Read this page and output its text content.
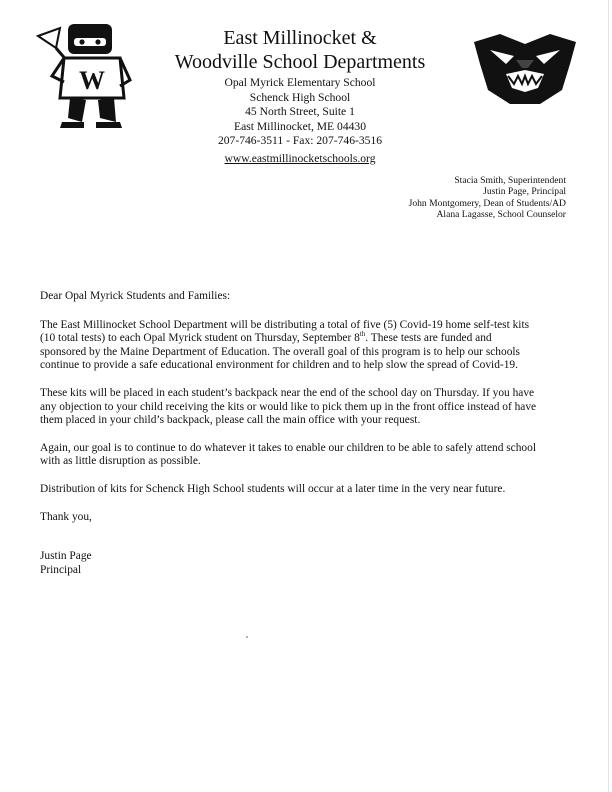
W
East Millinocket &
Woodville School Departments
Opal Myrick Elementary School
Schenck High School
45 North Street, Suite 1
East Millinocket, ME 04430
207-746-3511 - Fax: 207-746-3516
www.eastmillinocketschools.org
Stacia Smith, Superintendent
Justin Page, Principal
John Montgomery, Dean of Students/AD
Alana Lagasse, School Counselor

Dear Opal Myrick Students and Families:

The East Millinocket School Department will be distributing a total of five (5) Covid-19 home self-test kits (10 total tests) to each Opal Myrick student on Thursday, September 8th. These tests are funded and sponsored by the Maine Department of Education. The overall goal of this program is to help our schools continue to provide a safe educational environment for children and to help slow the spread of Covid-19.

These kits will be placed in each student’s backpack near the end of the school day on Thursday. If you have any objection to your child receiving the kits or would like to pick them up in the front office instead of have them placed in your child’s backpack, please call the main office with your request.

Again, our goal is to continue to do whatever it takes to enable our children to be able to safely attend school with as little disruption as possible.

Distribution of kits for Schenck High School students will occur at a later time in the very near future.

Thank you,

Justin Page

Principal
